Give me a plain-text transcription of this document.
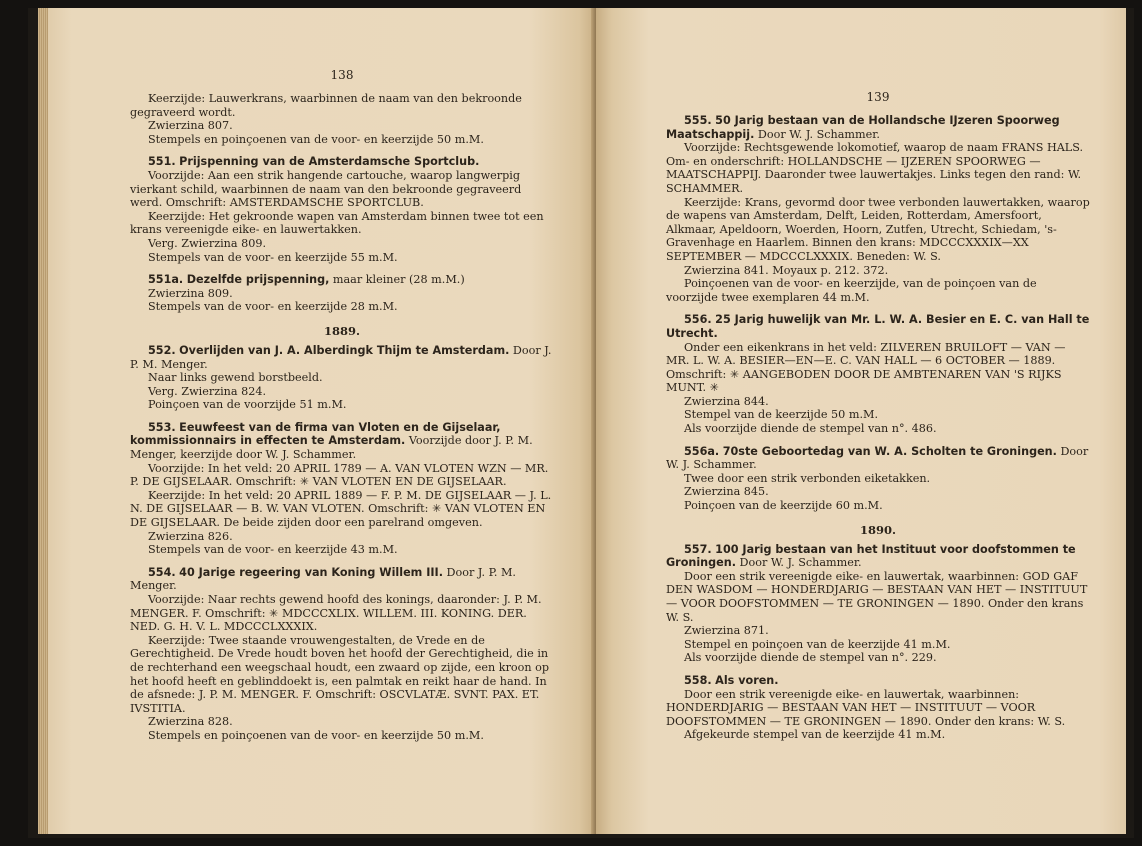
138

Keerzijde: Lauwerkrans, waarbinnen de naam van den bekroonde gegraveerd wordt.

Zwierzina 807.

Stempels en poinçoenen van de voor- en keerzijde 50 m.M.

551. Prijspenning van de Amsterdamsche Sportclub.

Voorzijde: Aan een strik hangende cartouche, waarop langwerpig vierkant schild, waarbinnen de naam van den bekroonde gegraveerd werd. Omschrift: AMSTERDAMSCHE SPORTCLUB.

Keerzijde: Het gekroonde wapen van Amsterdam binnen twee tot een krans vereenigde eike- en lauwertakken.

Verg. Zwierzina 809.

Stempels van de voor- en keerzijde 55 m.M.

551a. Dezelfde prijspenning, maar kleiner (28 m.M.)

Zwierzina 809.

Stempels van de voor- en keerzijde 28 m.M.

1889.

552. Overlijden van J. A. Alberdingk Thijm te Amsterdam. Door J. P. M. Menger.

Naar links gewend borstbeeld.

Verg. Zwierzina 824.

Poinçoen van de voorzijde 51 m.M.

553. Eeuwfeest van de firma van Vloten en de Gijselaar, kommissionnairs in effecten te Amsterdam. Voorzijde door J. P. M. Menger, keerzijde door W. J. Schammer.

Voorzijde: In het veld: 20 APRIL 1789 — A. VAN VLOTEN WZN — MR. P. DE GIJSELAAR. Omschrift: ✳ VAN VLOTEN EN DE GIJSELAAR.

Keerzijde: In het veld: 20 APRIL 1889 — F. P. M. DE GIJSELAAR — J. L. N. DE GIJSELAAR — B. W. VAN VLOTEN. Omschrift: ✳ VAN VLOTEN EN DE GIJSELAAR. De beide zijden door een parelrand omgeven.

Zwierzina 826.

Stempels van de voor- en keerzijde 43 m.M.

554. 40 Jarige regeering van Koning Willem III. Door J. P. M. Menger.

Voorzijde: Naar rechts gewend hoofd des konings, daaronder: J. P. M. MENGER. F. Omschrift: ✳ MDCCCXLIX. WILLEM. III. KONING. DER. NED. G. H. V. L. MDCCCLXXXIX.

Keerzijde: Twee staande vrouwengestalten, de Vrede en de Gerechtigheid. De Vrede houdt boven het hoofd der Gerechtigheid, die in de rechterhand een weegschaal houdt, een zwaard op zijde, een kroon op het hoofd heeft en geblinddoekt is, een palmtak en reikt haar de hand. In de afsnede: J. P. M. MENGER. F. Omschrift: OSCVLATÆ. SVNT. PAX. ET. IVSTITIA.

Zwierzina 828.

Stempels en poinçoenen van de voor- en keerzijde 50 m.M.

139

555. 50 Jarig bestaan van de Hollandsche IJzeren Spoorweg Maatschappij. Door W. J. Schammer.

Voorzijde: Rechtsgewende lokomotief, waarop de naam FRANS HALS. Om- en onderschrift: HOLLANDSCHE — IJZEREN SPOORWEG — MAATSCHAPPIJ. Daaronder twee lauwertakjes. Links tegen den rand: W. SCHAMMER.

Keerzijde: Krans, gevormd door twee verbonden lauwertakken, waarop de wapens van Amsterdam, Delft, Leiden, Rotterdam, Amersfoort, Alkmaar, Apeldoorn, Woerden, Hoorn, Zutfen, Utrecht, Schiedam, 's-Gravenhage en Haarlem. Binnen den krans: MDCCCXXXIX—XX SEPTEMBER — MDCCCLXXXIX. Beneden: W. S.

Zwierzina 841. Moyaux p. 212. 372.

Poinçoenen van de voor- en keerzijde, van de poinçoen van de voorzijde twee exemplaren 44 m.M.

556. 25 Jarig huwelijk van Mr. L. W. A. Besier en E. C. van Hall te Utrecht.

Onder een eikenkrans in het veld: ZILVEREN BRUILOFT — VAN — MR. L. W. A. BESIER—EN—E. C. VAN HALL — 6 OCTOBER — 1889. Omschrift: ✳ AANGEBODEN DOOR DE AMBTENAREN VAN 'S RIJKS MUNT. ✳

Zwierzina 844.

Stempel van de keerzijde 50 m.M.

Als voorzijde diende de stempel van n°. 486.

556a. 70ste Geboortedag van W. A. Scholten te Groningen. Door W. J. Schammer.

Twee door een strik verbonden eiketakken.

Zwierzina 845.

Poinçoen van de keerzijde 60 m.M.

1890.

557. 100 Jarig bestaan van het Instituut voor doofstommen te Groningen. Door W. J. Schammer.

Door een strik vereenigde eike- en lauwertak, waarbinnen: GOD GAF DEN WASDOM — HONDERDJARIG — BESTAAN VAN HET — INSTITUUT — VOOR DOOFSTOMMEN — TE GRONINGEN — 1890. Onder den krans W. S.

Zwierzina 871.

Stempel en poinçoen van de keerzijde 41 m.M.

Als voorzijde diende de stempel van n°. 229.

558. Als voren.

Door een strik vereenigde eike- en lauwertak, waarbinnen: HONDERDJARIG — BESTAAN VAN HET — INSTITUUT — VOOR DOOFSTOMMEN — TE GRONINGEN — 1890. Onder den krans: W. S.

Afgekeurde stempel van de keerzijde 41 m.M.
